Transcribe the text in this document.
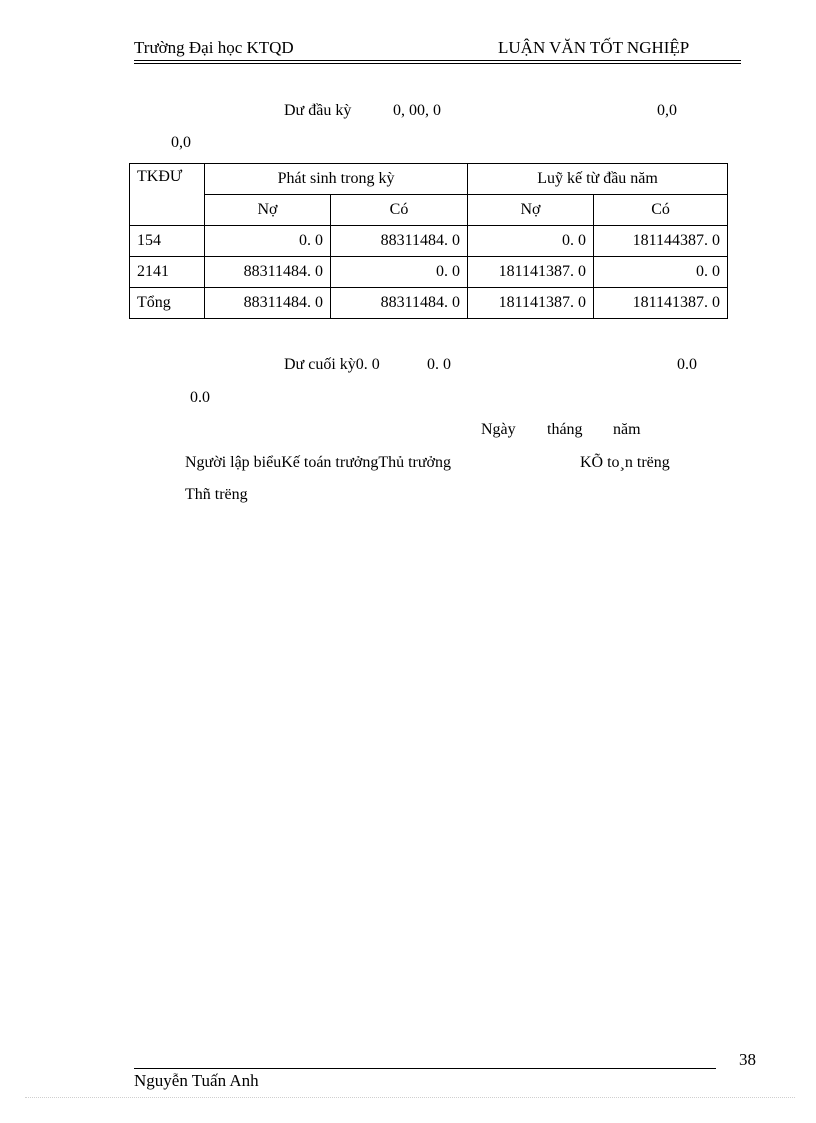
Trường Đại học KTQD	LUẬN VĂN TỐT NGHIỆP
Dư đầu kỳ	0, 00, 0	0,0
0,0
TKĐƯ	Phát sinh trong kỳ		Luỹ kế từ đầu năm	
	Nợ	Có	Nợ	Có
154	0. 0	88311484. 0	0. 0	181144387. 0
2141	88311484. 0	0. 0	181141387. 0	0. 0
Tổng	88311484. 0	88311484. 0	181141387. 0	181141387. 0
Dư cuối kỳ0. 0	0. 0	0.0
0.0
Ngày tháng năm
Người lập biểuKế toán trưởngThủ trưởng	KÕ to¸n trëng
Thñ trëng
38
Nguyễn Tuấn Anh
